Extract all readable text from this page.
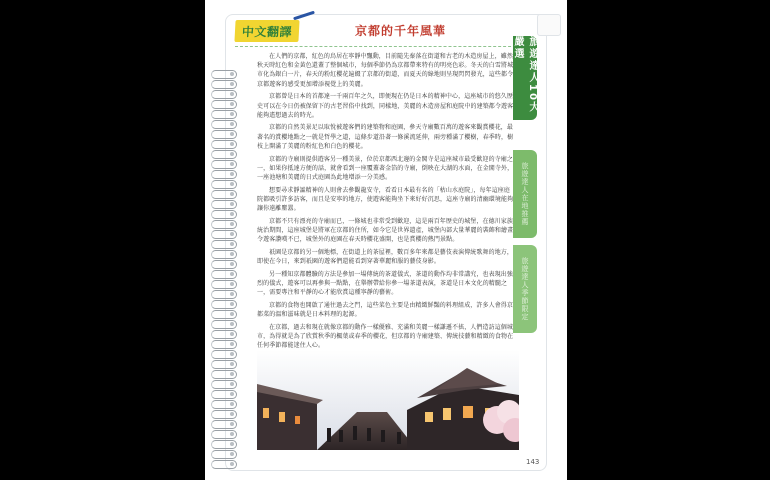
中文翻譯	京都的千年風華

在人們的京都，紅色的鳥居在寧靜中飄動，目前隨先秦落在街道和古老的木造房屋上，雖然秋天時紅色和金黃色還蓋了整個城市，每個季節仍為京都帶來特有的明亮色彩。冬天的白雪將城市化為銀白一片，春天的粉紅櫻花遍綴了京都的街道，而夏天的綠地則呈現閃閃發光，這些都令京都遊客的感受更加增添視覺上的美麗。

京都曾是日本的首都達一千兩百年之久，即便現在仍是日本的精神中心，這座城市的悠久歷史可以在今日仍被保留下的古老習俗中找到，同樣地，美麗的木造房屋和庭院中的建築都令遊客能夠遙想過去的時光。

京都的自然美景足以取悅被遊客們的建築物和庭園，參天寺廟數百萬的遊客來觀賞櫻花，最著名的賞櫻地點之一就是哲學之道，這條步道沿著一條溪流延伸，兩旁種滿了櫻樹，春季時，樹枝上開滿了美麗的粉紅色和白色的櫻花。

京都的寺廟則提供遊客另一種美景，位於京都西北邊的金閣寺是這座城市最受歡迎的寺廟之一，如果你抵達方便的話，就會看到一座覆蓋著金箔的寺廟，倒映在大湖的水面，在金閣寺外，一座池塘和美麗的日式庭園為此地增添一分美感。

想要尋求靜謐精神的人則會去參觀龍安寺，看看日本最有名的「枯山水庭院」，每年這座庭院都吸引許多訪客，而且是安寧的地方，使遊客能夠坐下來好好沉思，這座寺廟的清幽環境能夠讓你遠離塵囂。

京都不只有漂亮的寺廟而已，一條城也非常受到歡迎，這是兩百年歷史的城堡，在德川家族統治期間，這座城堡是將軍在京都的住所，如今它是世界遺產，城堡內部大量華麗的裝飾和繪畫令遊客讚嘆不已，城堡外的庭園在春天時櫻花盛開，也是賞櫻的熱門景點。

祇園是京都的另一個地標，在街道上的茶屋裡，數百多年來都是藝伎表演傳統歌舞的地方，即使在今日，來到祇園的遊客們還能看到穿著華麗和服的藝伎身影。

另一種知京都體驗的方法是參加一場傳統的茶道儀式，茶道的動作均非常講究，也表現出強烈的儀式，遊客可以再參與一點點，在舉辦帶給你參一場茶道表演，茶道是日本文化的精髓之一，需要專注和平靜的心才能欣賞這種寧靜的藝術。

京都的食物也開啟了通往過去之門，這些菜色主要是由精緻鮮豔的料理組成，許多人會得京都菜的溫和滋味就是日本料理的起源。

在京都，過去和現在就像京都的動作一樣優雅、充滿和美麗一樣謙遜不搖，人們造訪這個城市，為得就是為了欣賞秋季的楓葉或春季的櫻花，但京都的寺廟建築、傳統技藝和精緻的食物在任何季節都能迷住人心。

旅遊達人10大嚴選
旅遊達人在地推薦
旅遊達人季節限定
143
